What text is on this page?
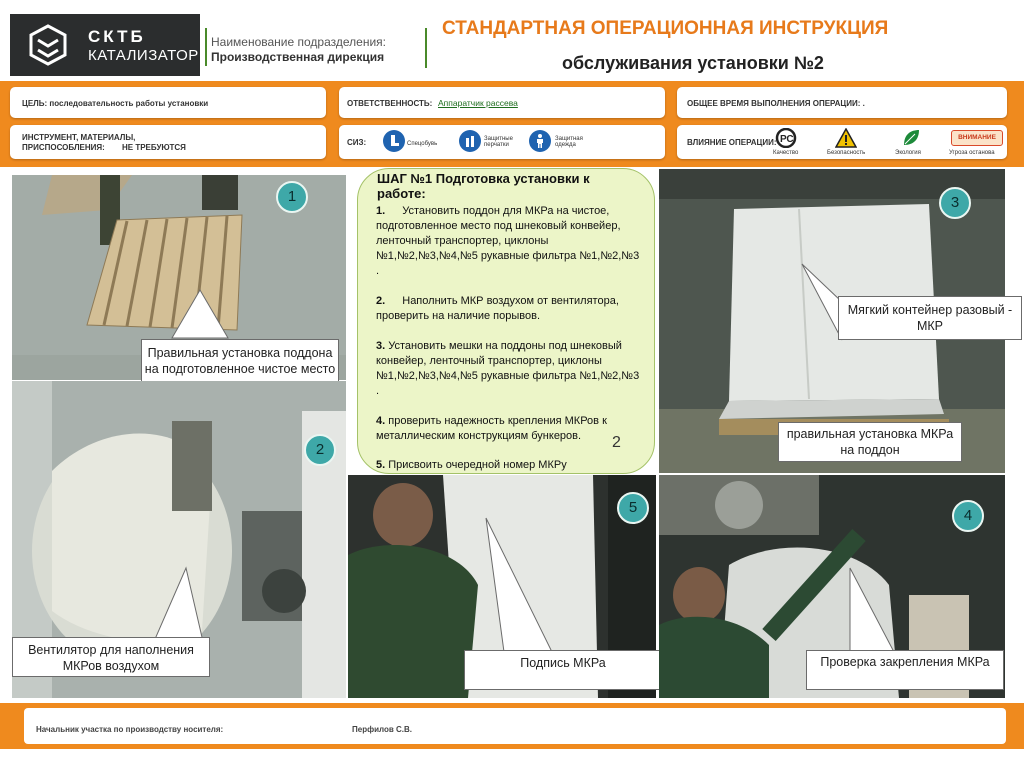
СКТБ
КАТАЛИЗАТОР
Наименование подразделения:
Производственная дирекция
СТАНДАРТНАЯ ОПЕРАЦИОННАЯ ИНСТРУКЦИЯ
обслуживания установки №2
ЦЕЛЬ: последовательность работы установки	ОТВЕТСТВЕННОСТЬ: Аппаратчик рассева	ОБЩЕЕ ВРЕМЯ ВЫПОЛНЕНИЯ ОПЕРАЦИИ: .
ИНСТРУМЕНТ, МАТЕРИАЛЫ,
ПРИСПОСОБЛЕНИЯ: НЕ ТРЕБУЮТСЯ
СИЗ:	Спецобувь
Защитные перчатки
Защитная одежда	ВЛИЯНИЕ ОПЕРАЦИИ: РС
Качество	Безопасность	Экология
ВНИМАНИЕ
Угроза останова
1
Правильная установка поддона на подготовленное чистое место
2
Вентилятор для наполнения МКРов воздухом
ШАГ №1 Подготовка установки к работе:
1. Установить поддон для МКРа на чистое, подготовленное место под шнековый конвейер, ленточный транспортер, циклоны №1,№2,№3,№4,№5 рукавные фильтра №1,№2,№3 .
2. Наполнить МКР воздухом от вентилятора, проверить на наличие порывов.
3. Установить мешки на поддоны под шнековый конвейер, ленточный транспортер, циклоны №1,№2,№3,№4,№5 рукавные фильтра №1,№2,№3 .
4. проверить надежность крепления МКРов к металлическим конструкциям бункеров.
5. Присвоить очередной номер МКРу
2
3
Мягкий контейнер разовый - МКР
правильная установка МКРа на поддон
5
Подпись МКРа
4
Проверка закрепления МКРа
Начальник участка по производству носителя:	Перфилов С.В.
